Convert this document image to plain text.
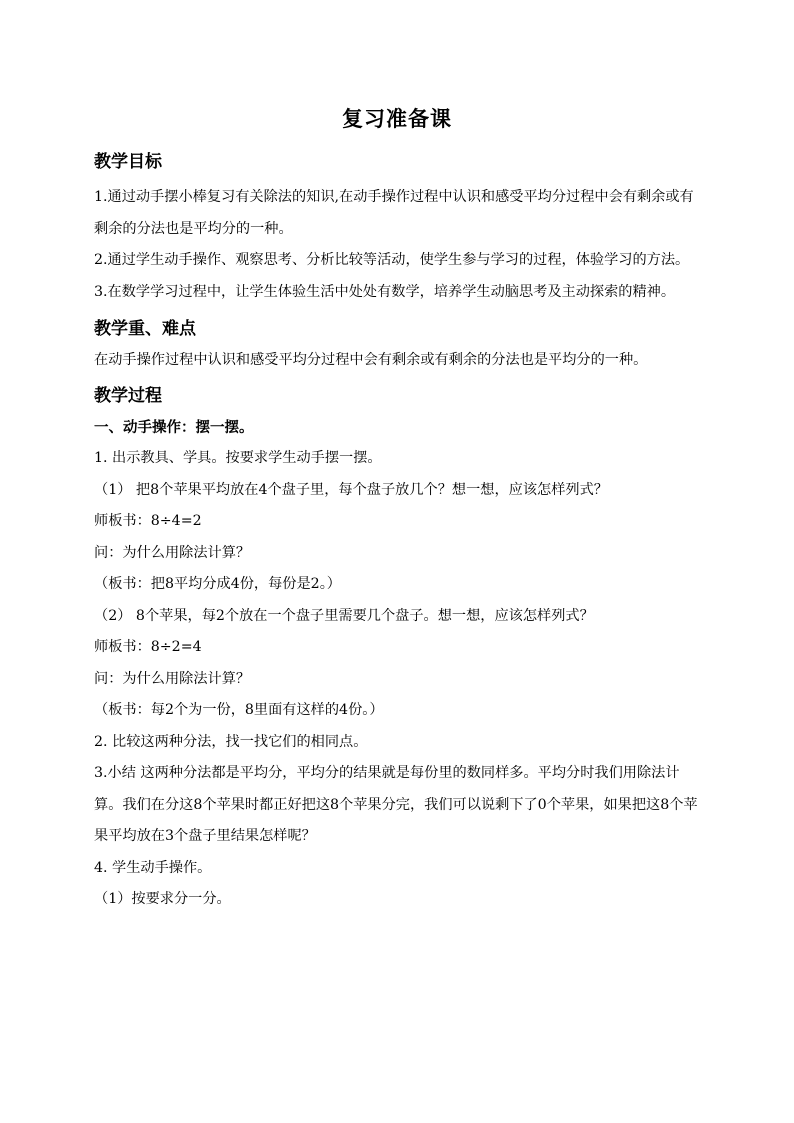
复习准备课

教学目标

1.通过动手摆小棒复习有关除法的知识,在动手操作过程中认识和感受平均分过程中会有剩余或有剩余的分法也是平均分的一种。

2.通过学生动手操作、观察思考、分析比较等活动，使学生参与学习的过程，体验学习的方法。

3.在数学学习过程中，让学生体验生活中处处有数学，培养学生动脑思考及主动探索的精神。

教学重、难点

在动手操作过程中认识和感受平均分过程中会有剩余或有剩余的分法也是平均分的一种。

教学过程

一、动手操作：摆一摆。

1. 出示教具、学具。按要求学生动手摆一摆。

（1） 把8个苹果平均放在4个盘子里，每个盘子放几个？想一想，应该怎样列式？

师板书：8÷4=2

问：为什么用除法计算？

（板书：把8平均分成4份，每份是2。）

（2） 8个苹果，每2个放在一个盘子里需要几个盘子。想一想，应该怎样列式？

师板书：8÷2=4

问：为什么用除法计算？

（板书：每2个为一份，8里面有这样的4份。）

2. 比较这两种分法，找一找它们的相同点。

3.小结 这两种分法都是平均分，平均分的结果就是每份里的数同样多。平均分时我们用除法计算。我们在分这8个苹果时都正好把这8个苹果分完，我们可以说剩下了0个苹果，如果把这8个苹果平均放在3个盘子里结果怎样呢？

4. 学生动手操作。

（1）按要求分一分。
